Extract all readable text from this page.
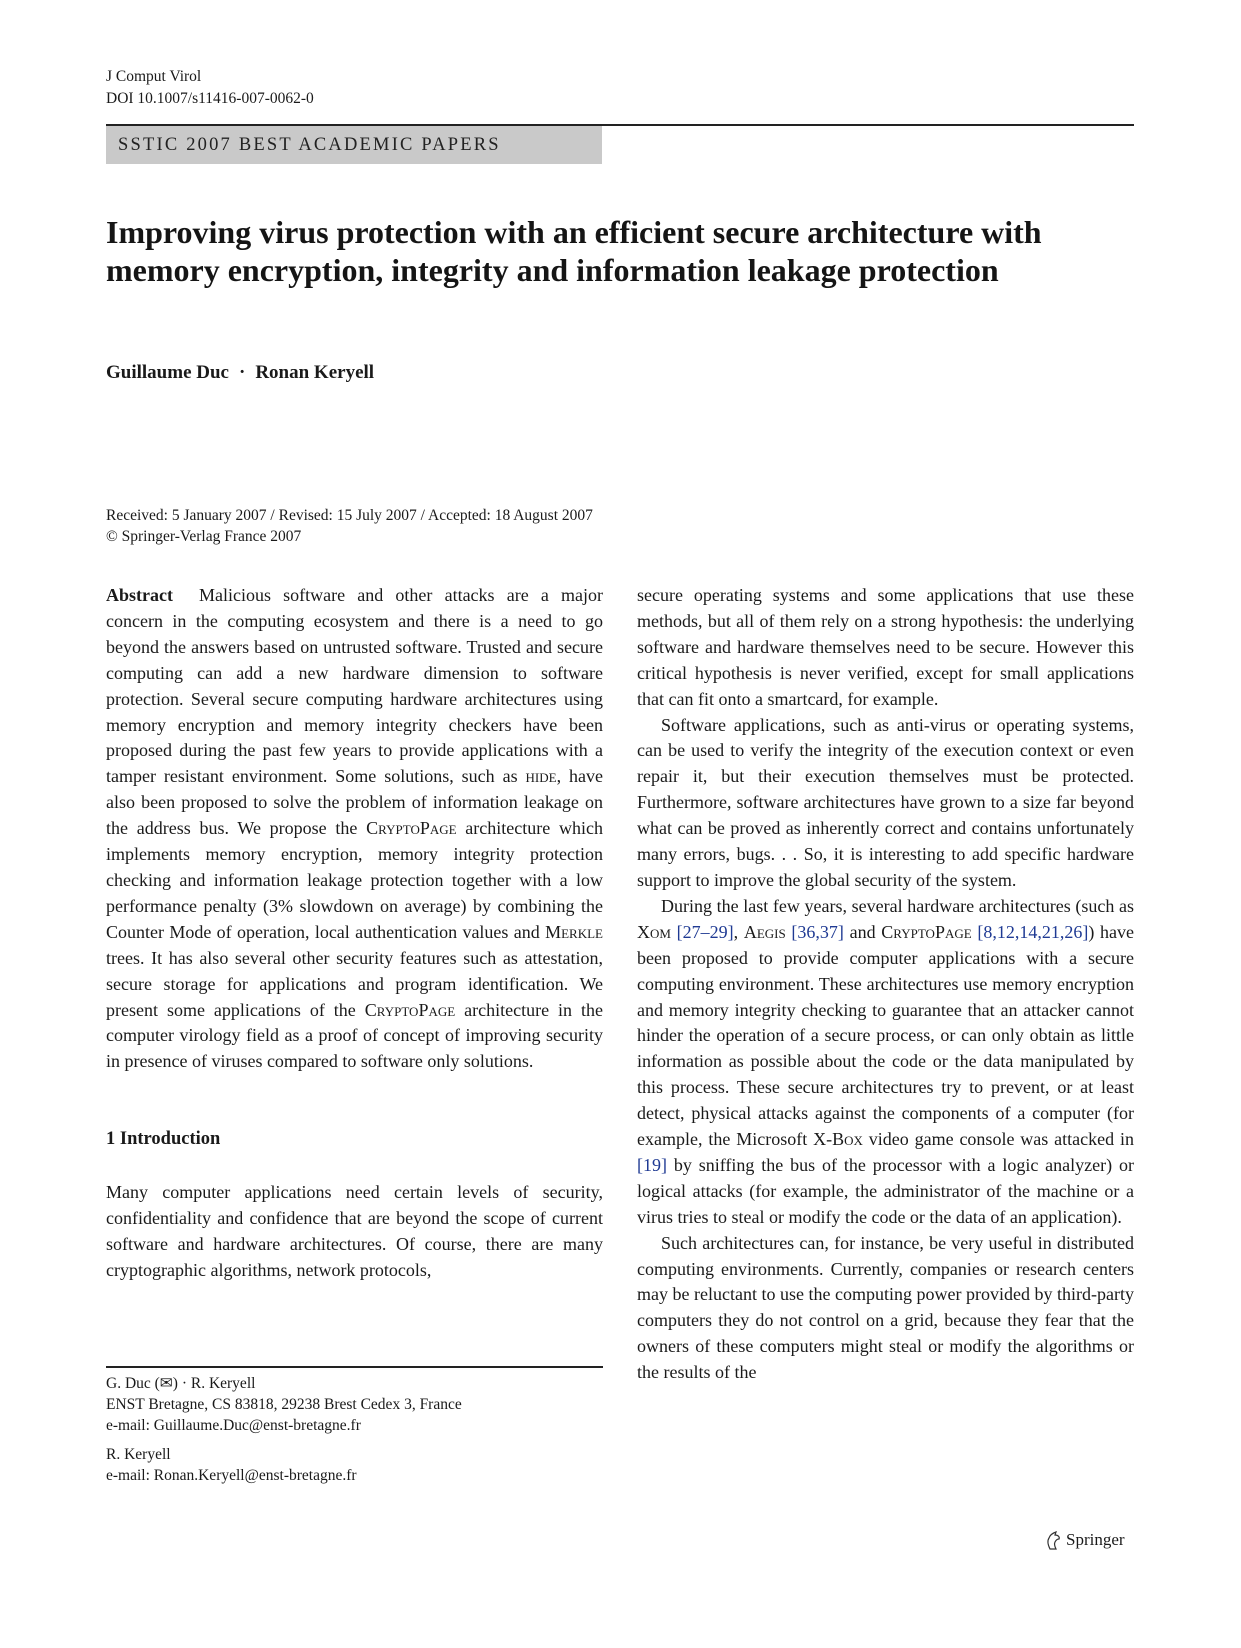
J Comput Virol
DOI 10.1007/s11416-007-0062-0
SSTIC 2007 BEST ACADEMIC PAPERS
Improving virus protection with an efficient secure architecture with memory encryption, integrity and information leakage protection
Guillaume Duc · Ronan Keryell
Received: 5 January 2007 / Revised: 15 July 2007 / Accepted: 18 August 2007
© Springer-Verlag France 2007

Abstract Malicious software and other attacks are a major concern in the computing ecosystem and there is a need to go beyond the answers based on untrusted software. Trusted and secure computing can add a new hardware dimension to software protection. Several secure computing hardware architectures using memory encryption and memory integrity checkers have been proposed during the past few years to provide applications with a tamper resistant environment. Some solutions, such as hide, have also been proposed to solve the problem of information leakage on the address bus. We propose the CryptoPage architecture which implements memory encryption, memory integrity protection checking and information leakage protection together with a low performance penalty (3% slowdown on average) by combining the Counter Mode of operation, local authentication values and Merkle trees. It has also several other security features such as attestation, secure storage for applications and program identification. We present some applications of the CryptoPage architecture in the computer virology field as a proof of concept of improving security in presence of viruses compared to software only solutions.

1 Introduction

Many computer applications need certain levels of security, confidentiality and confidence that are beyond the scope of current software and hardware architectures. Of course, there are many cryptographic algorithms, network protocols,

secure operating systems and some applications that use these methods, but all of them rely on a strong hypothesis: the underlying software and hardware themselves need to be secure. However this critical hypothesis is never verified, except for small applications that can fit onto a smartcard, for example.

Software applications, such as anti-virus or operating systems, can be used to verify the integrity of the execution context or even repair it, but their execution themselves must be protected. Furthermore, software architectures have grown to a size far beyond what can be proved as inherently correct and contains unfortunately many errors, bugs. . . So, it is interesting to add specific hardware support to improve the global security of the system.

During the last few years, several hardware architectures (such as Xom [27–29], Aegis [36,37] and CryptoPage [8,12,14,21,26]) have been proposed to provide computer applications with a secure computing environment. These architectures use memory encryption and memory integrity checking to guarantee that an attacker cannot hinder the operation of a secure process, or can only obtain as little information as possible about the code or the data manipulated by this process. These secure architectures try to prevent, or at least detect, physical attacks against the components of a computer (for example, the Microsoft X-Box video game console was attacked in [19] by sniffing the bus of the processor with a logic analyzer) or logical attacks (for example, the administrator of the machine or a virus tries to steal or modify the code or the data of an application).

Such architectures can, for instance, be very useful in distributed computing environments. Currently, companies or research centers may be reluctant to use the computing power provided by third-party computers they do not control on a grid, because they fear that the owners of these computers might steal or modify the algorithms or the results of the

G. Duc (✉) · R. Keryell

ENST Bretagne, CS 83818, 29238 Brest Cedex 3, France

e-mail: Guillaume.Duc@enst-bretagne.fr

R. Keryell

e-mail: Ronan.Keryell@enst-bretagne.fr

Springer
